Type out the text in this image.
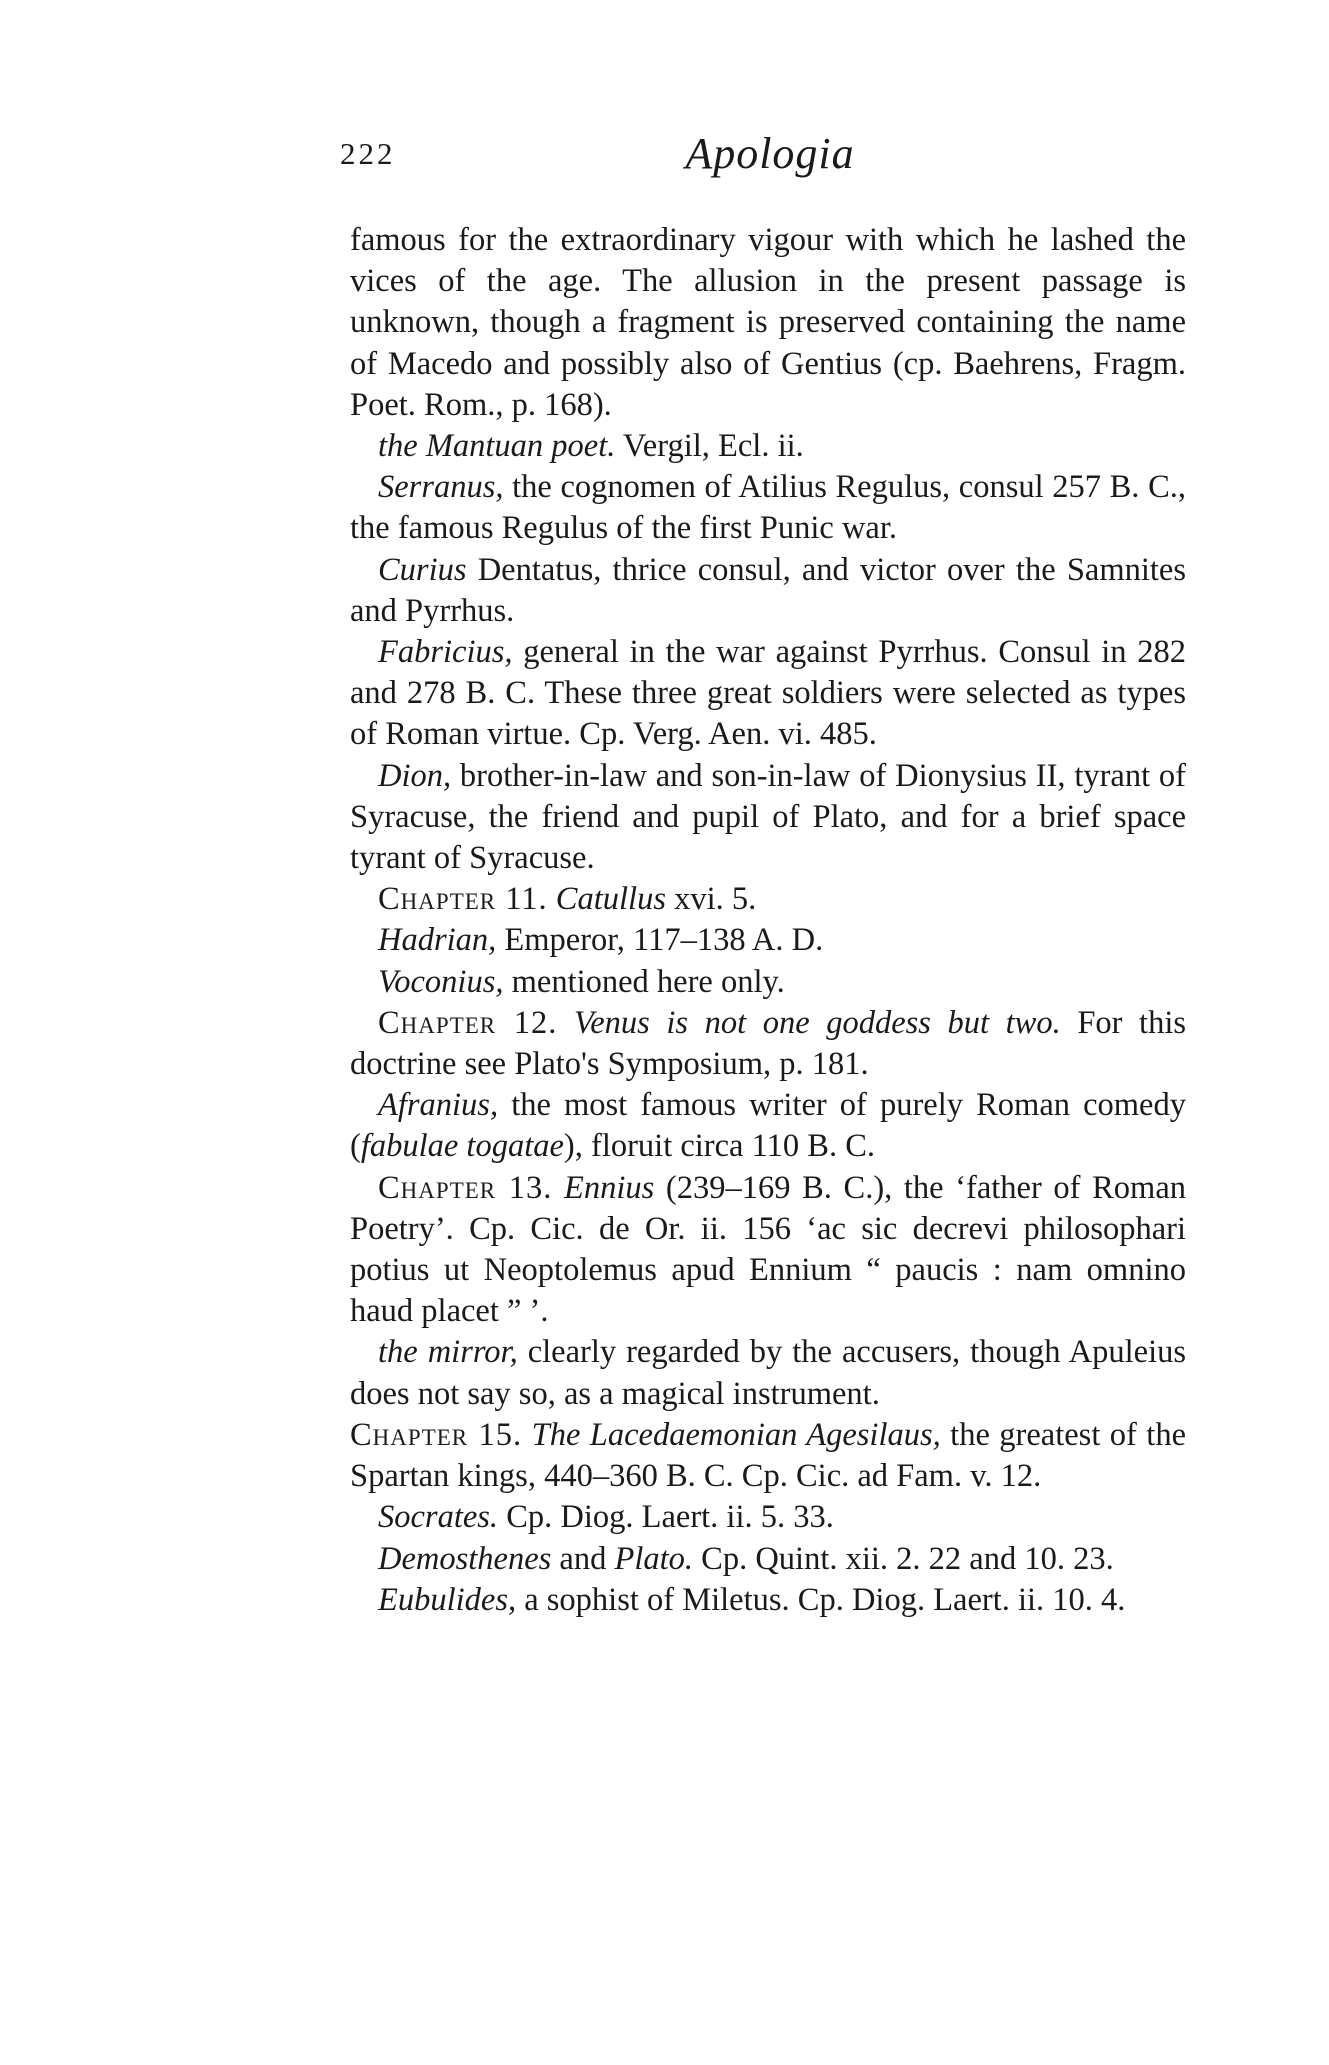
222	Apologia

famous for the extraordinary vigour with which he lashed the vices of the age. The allusion in the present passage is unknown, though a fragment is preserved containing the name of Macedo and possibly also of Gentius (cp. Baehrens, Fragm. Poet. Rom., p. 168).

the Mantuan poet. Vergil, Ecl. ii.

Serranus, the cognomen of Atilius Regulus, consul 257 B. C., the famous Regulus of the first Punic war.

Curius Dentatus, thrice consul, and victor over the Samnites and Pyrrhus.

Fabricius, general in the war against Pyrrhus. Consul in 282 and 278 B. C. These three great soldiers were selected as types of Roman virtue. Cp. Verg. Aen. vi. 485.

Dion, brother-in-law and son-in-law of Dionysius II, tyrant of Syracuse, the friend and pupil of Plato, and for a brief space tyrant of Syracuse.

Chapter 11. Catullus xvi. 5.

Hadrian, Emperor, 117–138 A. D.

Voconius, mentioned here only.

Chapter 12. Venus is not one goddess but two. For this doctrine see Plato's Symposium, p. 181.

Afranius, the most famous writer of purely Roman comedy (fabulae togatae), floruit circa 110 B. C.

Chapter 13. Ennius (239–169 B. C.), the ‘father of Roman Poetry’. Cp. Cic. de Or. ii. 156 ‘ac sic decrevi philosophari potius ut Neoptolemus apud Ennium “ paucis : nam omnino haud placet ” ’.

the mirror, clearly regarded by the accusers, though Apuleius does not say so, as a magical instrument.

Chapter 15. The Lacedaemonian Agesilaus, the greatest of the Spartan kings, 440–360 B. C. Cp. Cic. ad Fam. v. 12.

Socrates. Cp. Diog. Laert. ii. 5. 33.

Demosthenes and Plato. Cp. Quint. xii. 2. 22 and 10. 23.

Eubulides, a sophist of Miletus. Cp. Diog. Laert. ii. 10. 4.
